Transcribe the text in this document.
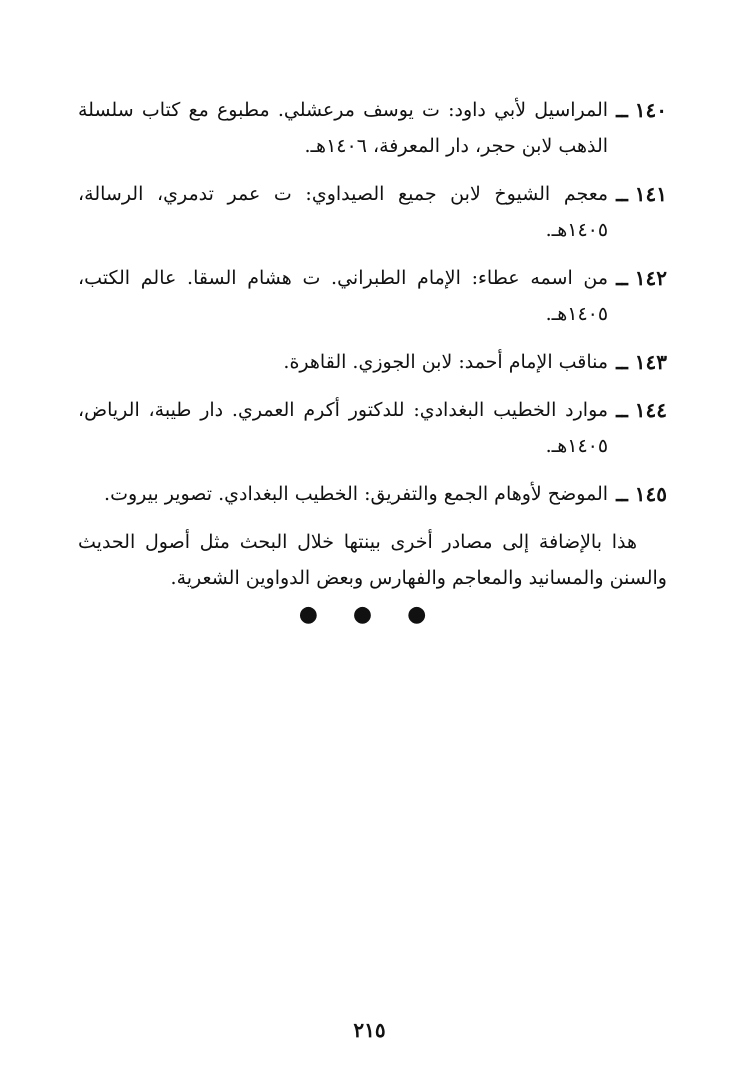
١٤٠ ــ
المراسيل لأبي داود: ت يوسف مرعشلي. مطبوع مع كتاب سلسلة الذهب لابن حجر، دار المعرفة، ١٤٠٦هـ.
١٤١ ــ
معجم الشيوخ لابن جميع الصيداوي: ت عمر تدمري، الرسالة، ١٤٠٥هـ.
١٤٢ ــ
من اسمه عطاء: الإمام الطبراني. ت هشام السقا. عالم الكتب، ١٤٠٥هـ.
١٤٣ ــ
مناقب الإمام أحمد: لابن الجوزي. القاهرة.
١٤٤ ــ
موارد الخطيب البغدادي: للدكتور أكرم العمري. دار طيبة، الرياض، ١٤٠٥هـ.
١٤٥ ــ
الموضح لأوهام الجمع والتفريق: الخطيب البغدادي. تصوير بيروت.

هذا بالإضافة إلى مصادر أخرى بينتها خلال البحث مثل أصول الحديث والسنن والمسانيد والمعاجم والفهارس وبعض الدواوين الشعرية.

● ● ●
٢١٥
